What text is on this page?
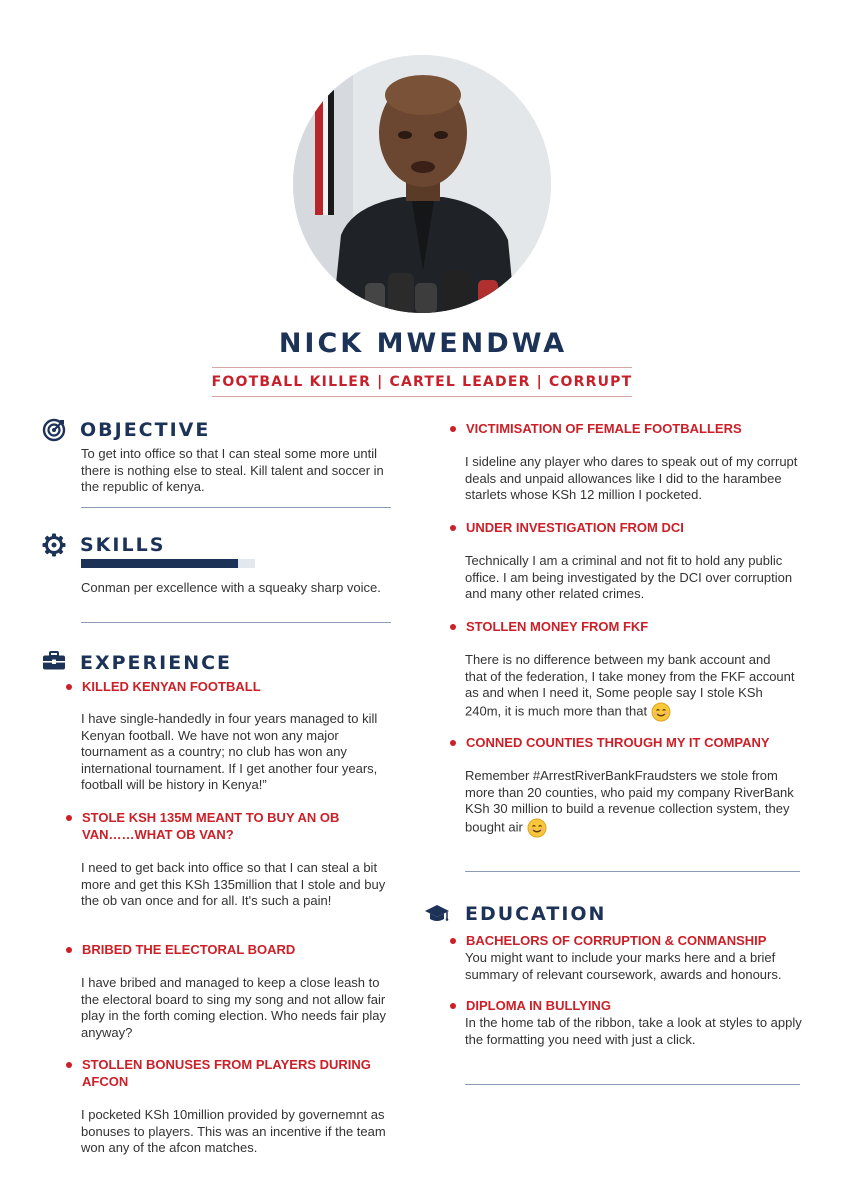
NICK MWENDWA
FOOTBALL KILLER | CARTEL LEADER | CORRUPT
OBJECTIVE
To get into office so that I can steal some more until there is nothing else to steal. Kill talent and soccer in the republic of kenya.
SKILLS
Conman per excellence with a squeaky sharp voice.
EXPERIENCE
KILLED KENYAN FOOTBALL
I have single-handedly in four years managed to kill Kenyan football. We have not won any major tournament as a country; no club has won any international tournament. If I get another four years, football will be history in Kenya!”
STOLE KSH 135M MEANT TO BUY AN OB VAN……WHAT OB VAN?
I need to get back into office so that I can steal a bit more and get this KSh 135million that I stole and buy the ob van once and for all. It's such a pain!
BRIBED THE ELECTORAL BOARD
I have bribed and managed to keep a close leash to the electoral board to sing my song and not allow fair play in the forth coming election. Who needs fair play anyway?
STOLLEN BONUSES FROM PLAYERS DURING AFCON
I pocketed KSh 10million provided by governemnt as bonuses to players. This was an incentive if the team won any of the afcon matches.
VICTIMISATION OF FEMALE FOOTBALLERS
I sideline any player who dares to speak out of my corrupt deals and unpaid allowances like I did to the harambee starlets whose KSh 12 million I pocketed.
UNDER INVESTIGATION FROM DCI
Technically I am a criminal and not fit to hold any public office. I am being investigated by the DCI over corruption and many other related crimes.
STOLLEN MONEY FROM FKF
There is no difference between my bank account and that of the federation, I take money from the FKF account as and when I need it, Some people say I stole KSh 240m, it is much more than that
CONNED COUNTIES THROUGH MY IT COMPANY
Remember #ArrestRiverBankFraudsters we stole from more than 20 counties, who paid my company RiverBank KSh 30 million to build a revenue collection system, they bought air
EDUCATION
BACHELORS OF CORRUPTION & CONMANSHIP
You might want to include your marks here and a brief summary of relevant coursework, awards and honours.
DIPLOMA IN BULLYING
In the home tab of the ribbon, take a look at styles to apply the formatting you need with just a click.
